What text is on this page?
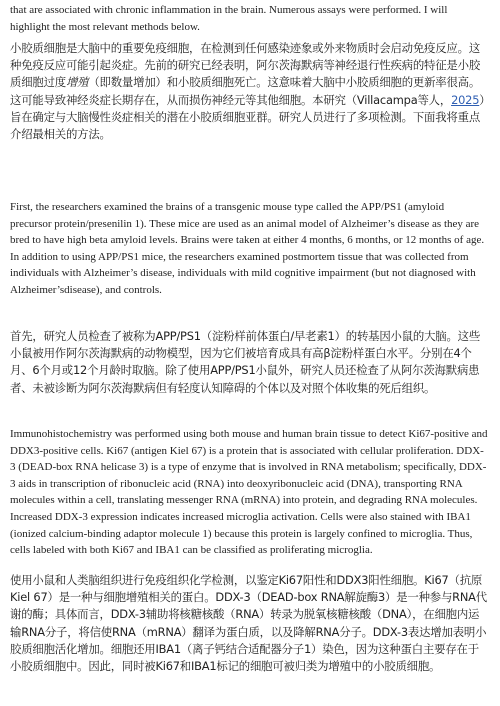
that are associated with chronic inflammation in the brain. Numerous assays were performed. I will highlight the most relevant methods below.

小胶质细胞是大脑中的重要免疫细胞，在检测到任何感染迹象或外来物质时会启动免疫反应。这种免疫反应可能引起炎症。先前的研究已经表明，阿尔茨海默病等神经退行性疾病的特征是小胶质细胞过度增殖（即数量增加）和小胶质细胞死亡。这意味着大脑中小胶质细胞的更新率很高。这可能导致神经炎症长期存在，从而损伤神经元等其他细胞。本研究（Villacampa等人，2025）旨在确定与大脑慢性炎症相关的潜在小胶质细胞亚群。研究人员进行了多项检测。下面我将重点介绍最相关的方法。

First, the researchers examined the brains of a transgenic mouse type called the APP/PS1 (amyloid precursor protein/presenilin 1). These mice are used as an animal model of Alzheimer’s disease as they are bred to have high beta amyloid levels. Brains were taken at either 4 months, 6 months, or 12 months of age. In addition to using APP/PS1 mice, the researchers examined postmortem tissue that was collected from individuals with Alzheimer’s disease, individuals with mild cognitive impairment (but not diagnosed with Alzheimer’sdisease), and controls.

首先，研究人员检查了被称为APP/PS1（淀粉样前体蛋白/早老素1）的转基因小鼠的大脑。这些小鼠被用作阿尔茨海默病的动物模型，因为它们被培育成具有高β淀粉样蛋白水平。分别在4个月、6个月或12个月龄时取脑。除了使用APP/PS1小鼠外，研究人员还检查了从阿尔茨海默病患者、未被诊断为阿尔茨海默病但有轻度认知障碍的个体以及对照个体收集的死后组织。

Immunohistochemistry was performed using both mouse and human brain tissue to detect Ki67-positive and DDX3-positive cells. Ki67 (antigen Kiel 67) is a protein that is associated with cellular proliferation. DDX-3 (DEAD-box RNA helicase 3) is a type of enzyme that is involved in RNA metabolism; specifically, DDX-3 aids in transcription of ribonucleic acid (RNA) into deoxyribonucleic acid (DNA), transporting RNA molecules within a cell, translating messenger RNA (mRNA) into protein, and degrading RNA molecules. Increased DDX-3 expression indicates increased microglia activation. Cells were also stained with IBA1 (ionized calcium-binding adaptor molecule 1) because this protein is largely confined to microglia. Thus, cells labeled with both Ki67 and IBA1 can be classified as proliferating microglia.

使用小鼠和人类脑组织进行免疫组织化学检测，以鉴定Ki67阳性和DDX3阳性细胞。Ki67（抗原Kiel 67）是一种与细胞增殖相关的蛋白。DDX-3（DEAD-box RNA解旋酶3）是一种参与RNA代谢的酶；具体而言，DDX-3辅助将核糖核酸（RNA）转录为脱氧核糖核酸（DNA），在细胞内运输RNA分子，将信使RNA（mRNA）翻译为蛋白质，以及降解RNA分子。DDX-3表达增加表明小胶质细胞活化增加。细胞还用IBA1（离子钙结合适配器分子1）染色，因为这种蛋白主要存在于小胶质细胞中。因此，同时被Ki67和IBA1标记的细胞可被归类为增殖中的小胶质细胞。
